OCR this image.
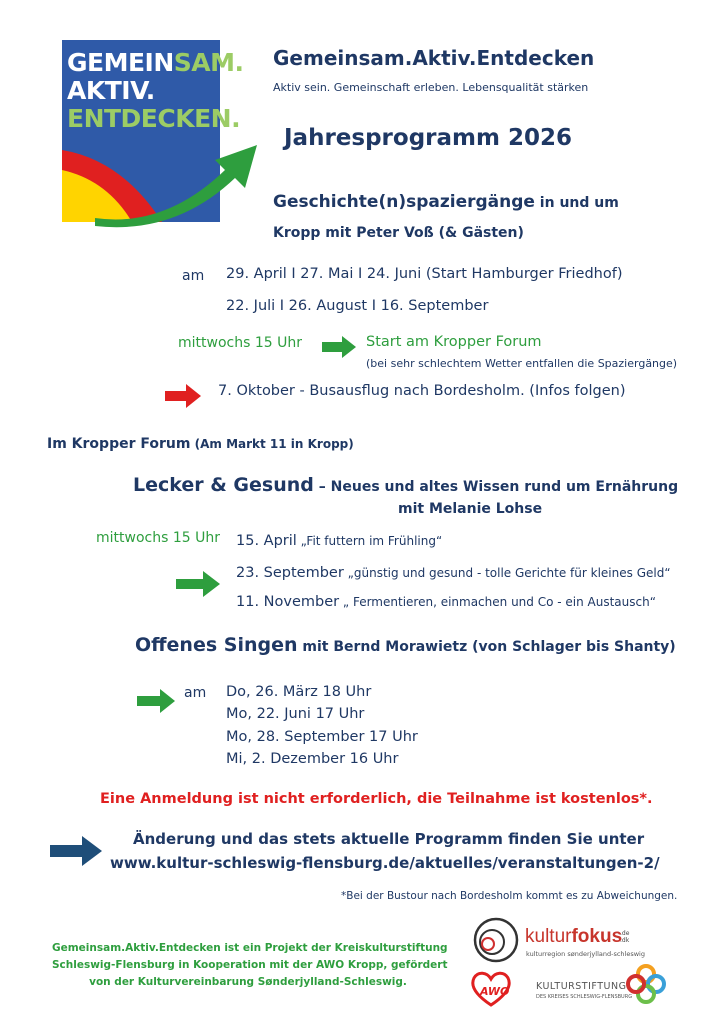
GEMEINSAM.
AKTIV.
ENTDECKEN.
Gemeinsam.Aktiv.Entdecken
Aktiv sein. Gemeinschaft erleben. Lebensqualität stärken
Jahresprogramm 2026
Geschichte(n)spaziergänge in und um
Kropp mit Peter Voß (& Gästen)
am 29. April I 27. Mai I 24. Juni (Start Hamburger Friedhof)
22. Juli I 26. August I 16. September
mittwochs 15 Uhr	Start am Kropper Forum
(bei sehr schlechtem Wetter entfallen die Spaziergänge)
7. Oktober - Busausflug nach Bordesholm. (Infos folgen)
Im Kropper Forum (Am Markt 11 in Kropp)
Lecker & Gesund – Neues und altes Wissen rund um Ernährung
mit Melanie Lohse
mittwochs 15 Uhr 15. April „Fit futtern im Frühling“
23. September „günstig und gesund - tolle Gerichte für kleines Geld“
11. November „ Fermentieren, einmachen und Co - ein Austausch“
Offenes Singen mit Bernd Morawietz (von Schlager bis Shanty)
am Do, 26. März 18 Uhr
Mo, 22. Juni 17 Uhr
Mo, 28. September 17 Uhr
Mi, 2. Dezember 16 Uhr
Eine Anmeldung ist nicht erforderlich, die Teilnahme ist kostenlos*.
Änderung und das stets aktuelle Programm finden Sie unter
www.kultur-schleswig-flensburg.de/aktuelles/veranstaltungen-2/
*Bei der Bustour nach Bordesholm kommt es zu Abweichungen.
Gemeinsam.Aktiv.Entdecken ist ein Projekt der Kreiskulturstiftung
Schleswig-Flensburg in Kooperation mit der AWO Kropp, gefördert
von der Kulturvereinbarung Sønderjylland-Schleswig.
kulturfokus
.de
.dk
kulturregion sønderjylland-schleswig
AWO	KULTURSTIFTUNG
DES KREISES SCHLESWIG-FLENSBURG
